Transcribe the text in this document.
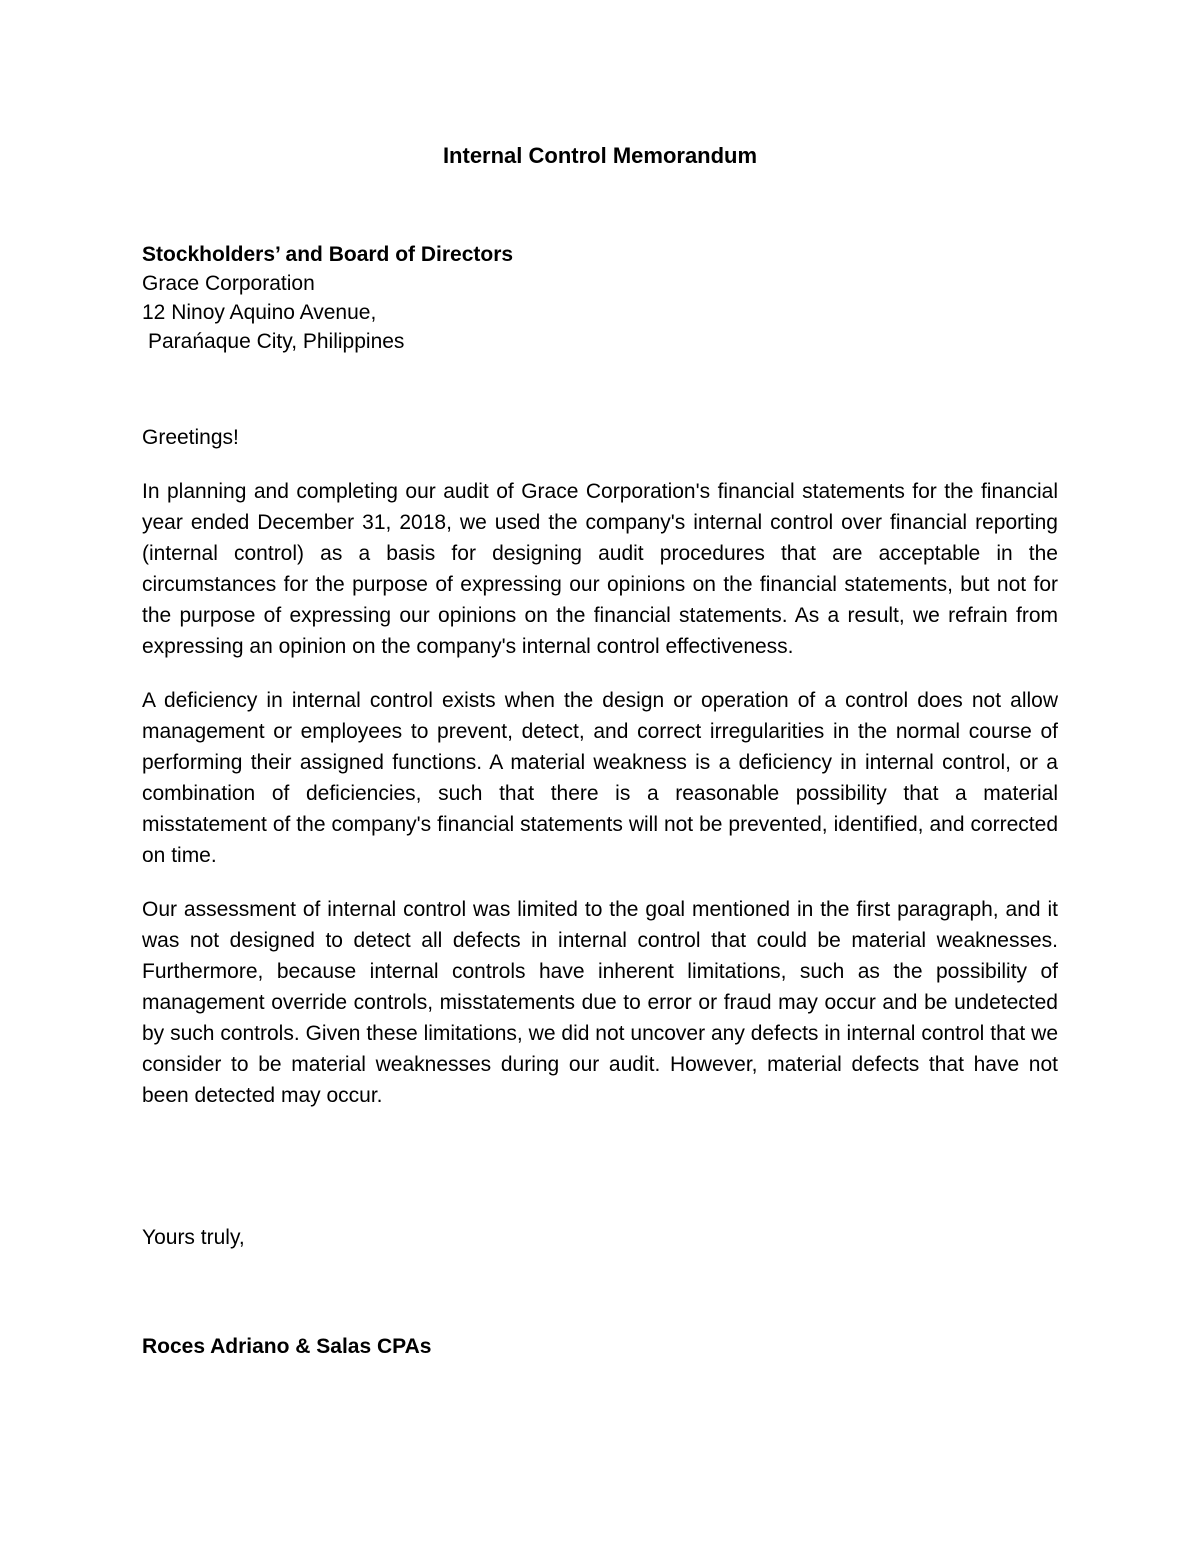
Internal Control Memorandum
Stockholders’ and Board of Directors
Grace Corporation
12 Ninoy Aquino Avenue,
Parańaque City, Philippines

Greetings!

In planning and completing our audit of Grace Corporation's financial statements for the financial year ended December 31, 2018, we used the company's internal control over financial reporting (internal control) as a basis for designing audit procedures that are acceptable in the circumstances for the purpose of expressing our opinions on the financial statements, but not for the purpose of expressing our opinions on the financial statements. As a result, we refrain from expressing an opinion on the company's internal control effectiveness.

A deficiency in internal control exists when the design or operation of a control does not allow management or employees to prevent, detect, and correct irregularities in the normal course of performing their assigned functions. A material weakness is a deficiency in internal control, or a combination of deficiencies, such that there is a reasonable possibility that a material misstatement of the company's financial statements will not be prevented, identified, and corrected on time.

Our assessment of internal control was limited to the goal mentioned in the first paragraph, and it was not designed to detect all defects in internal control that could be material weaknesses. Furthermore, because internal controls have inherent limitations, such as the possibility of management override controls, misstatements due to error or fraud may occur and be undetected by such controls. Given these limitations, we did not uncover any defects in internal control that we consider to be material weaknesses during our audit. However, material defects that have not been detected may occur.

Yours truly,

Roces Adriano & Salas CPAs
